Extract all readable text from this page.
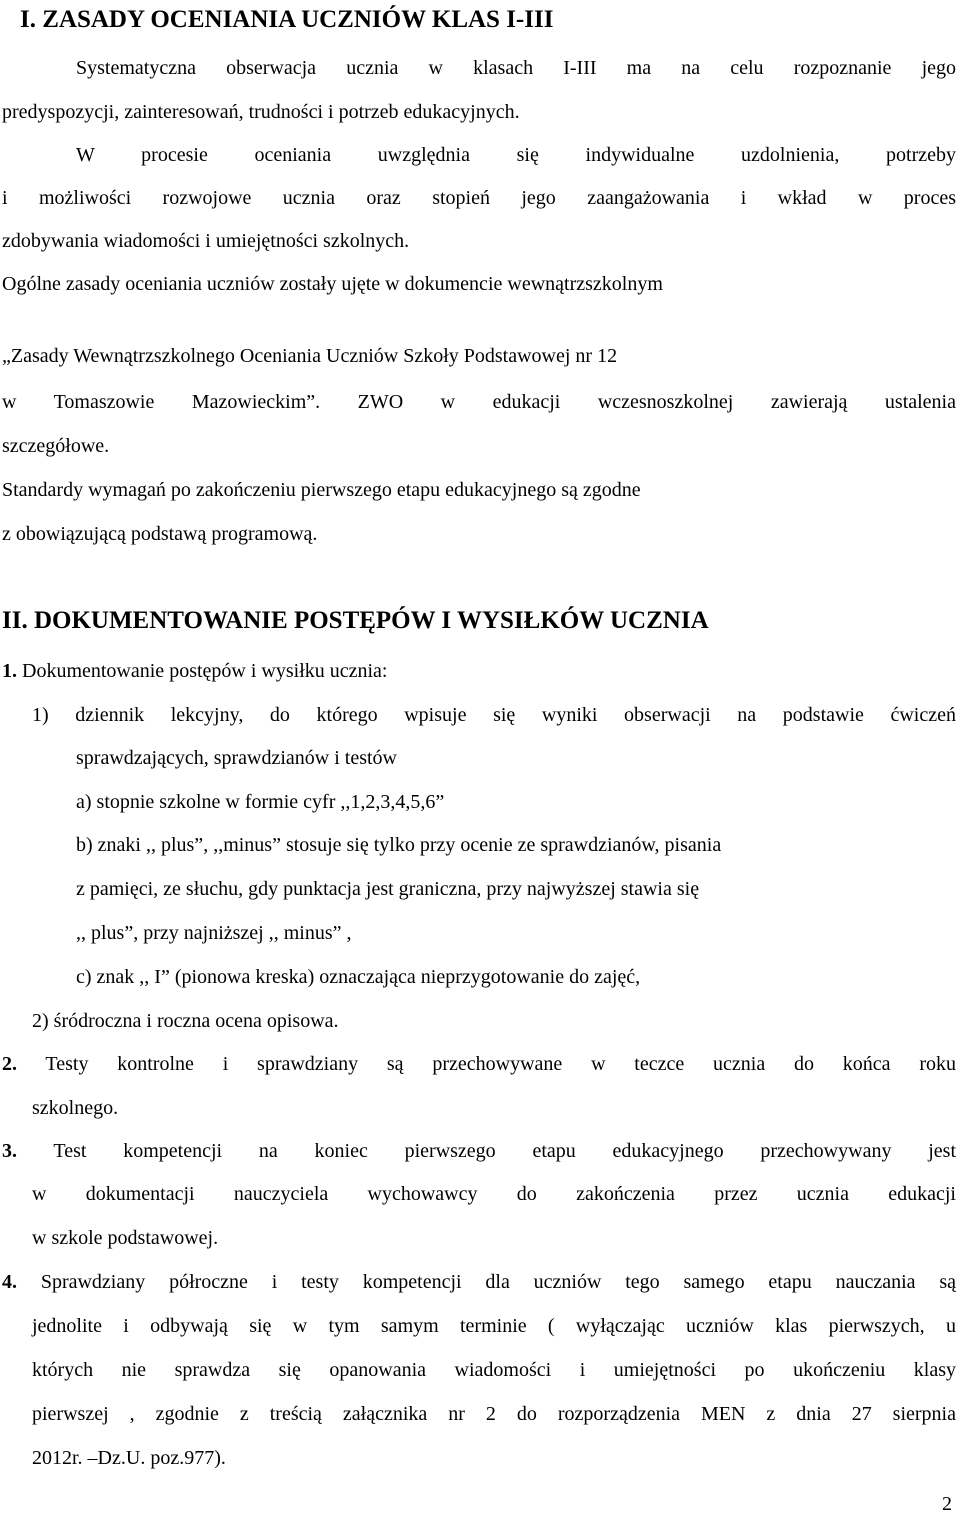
I. ZASADY OCENIANIA UCZNIÓW KLAS I-III
Systematyczna obserwacja ucznia w klasach I-III ma na celu rozpoznanie jego
predyspozycji, zainteresowań, trudności i potrzeb edukacyjnych.
W procesie oceniania uwzględnia się indywidualne uzdolnienia, potrzeby
i możliwości rozwojowe ucznia oraz stopień jego zaangażowania i wkład w proces
zdobywania wiadomości i umiejętności szkolnych.
Ogólne zasady oceniania uczniów zostały ujęte w dokumencie wewnątrzszkolnym
„Zasady Wewnątrzszkolnego Oceniania Uczniów Szkoły Podstawowej nr 12
w Tomaszowie Mazowieckim”. ZWO w edukacji wczesnoszkolnej zawierają ustalenia
szczegółowe.
Standardy wymagań po zakończeniu pierwszego etapu edukacyjnego są zgodne
z obowiązującą podstawą programową.
II. DOKUMENTOWANIE POSTĘPÓW I WYSIŁKÓW UCZNIA
1. Dokumentowanie postępów i wysiłku ucznia:
1) dziennik lekcyjny, do którego wpisuje się wyniki obserwacji na podstawie ćwiczeń
sprawdzających, sprawdzianów i testów
a) stopnie szkolne w formie cyfr ,,1,2,3,4,5,6”
b) znaki ,, plus”, ,,minus” stosuje się tylko przy ocenie ze sprawdzianów, pisania
z pamięci, ze słuchu, gdy punktacja jest graniczna, przy najwyższej stawia się
,, plus”, przy najniższej ,, minus” ,
c) znak ,, I” (pionowa kreska) oznaczająca nieprzygotowanie do zajęć,
2) śródroczna i roczna ocena opisowa.
2. Testy kontrolne i sprawdziany są przechowywane w teczce ucznia do końca roku
szkolnego.
3. Test kompetencji na koniec pierwszego etapu edukacyjnego przechowywany jest
w dokumentacji nauczyciela wychowawcy do zakończenia przez ucznia edukacji
w szkole podstawowej.
4. Sprawdziany półroczne i testy kompetencji dla uczniów tego samego etapu nauczania są
jednolite i odbywają się w tym samym terminie ( wyłączając uczniów klas pierwszych, u
których nie sprawdza się opanowania wiadomości i umiejętności po ukończeniu klasy
pierwszej , zgodnie z treścią załącznika nr 2 do rozporządzenia MEN z dnia 27 sierpnia
2012r. –Dz.U. poz.977).
2
